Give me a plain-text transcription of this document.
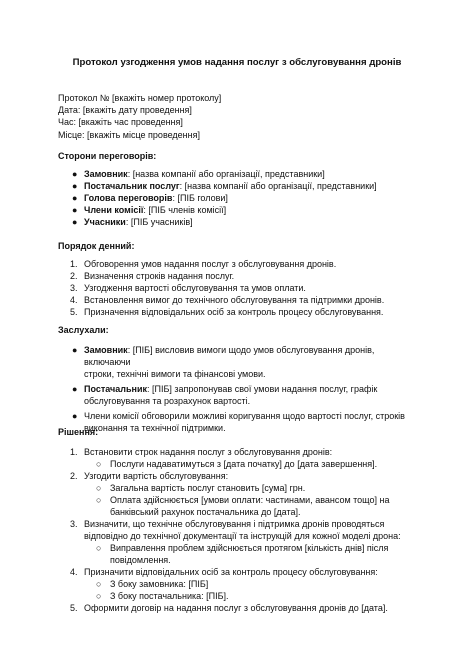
Протокол узгодження умов надання послуг з обслуговування дронів
Протокол № [вкажіть номер протоколу]
Дата: [вкажіть дату проведення]
Час: [вкажіть час проведення]
Місце: [вкажіть місце проведення]
Сторони переговорів:
● Замовник: [назва компанії або організації, представники]
● Постачальник послуг: [назва компанії або організації, представники]
● Голова переговорів: [ПІБ голови]
● Члени комісії: [ПІБ членів комісії]
● Учасники: [ПІБ учасників]
Порядок денний:
1. Обговорення умов надання послуг з обслуговування дронів.
2. Визначення строків надання послуг.
3. Узгодження вартості обслуговування та умов оплати.
4. Встановлення вимог до технічного обслуговування та підтримки дронів.
5. Призначення відповідальних осіб за контроль процесу обслуговування.
Заслухали:
● Замовник: [ПІБ] висловив вимоги щодо умов обслуговування дронів, включаючи
строки, технічні вимоги та фінансові умови.
● Постачальник: [ПІБ] запропонував свої умови надання послуг, графік
обслуговування та розрахунок вартості.
● Члени комісії обговорили можливі коригування щодо вартості послуг, строків
виконання та технічної підтримки.
Рішення:
1. Встановити строк надання послуг з обслуговування дронів:
○ Послуги надаватимуться з [дата початку] до [дата завершення].
2. Узгодити вартість обслуговування:
○ Загальна вартість послуг становить [сума] грн.
○ Оплата здійснюється [умови оплати: частинами, авансом тощо] на
банківський рахунок постачальника до [дата].
3. Визначити, що технічне обслуговування і підтримка дронів проводяться
відповідно до технічної документації та інструкцій для кожної моделі дрона:
○ Виправлення проблем здійснюється протягом [кількість днів] після
повідомлення.
4. Призначити відповідальних осіб за контроль процесу обслуговування:
○ З боку замовника: [ПІБ]
○ З боку постачальника: [ПІБ].
5. Оформити договір на надання послуг з обслуговування дронів до [дата].
